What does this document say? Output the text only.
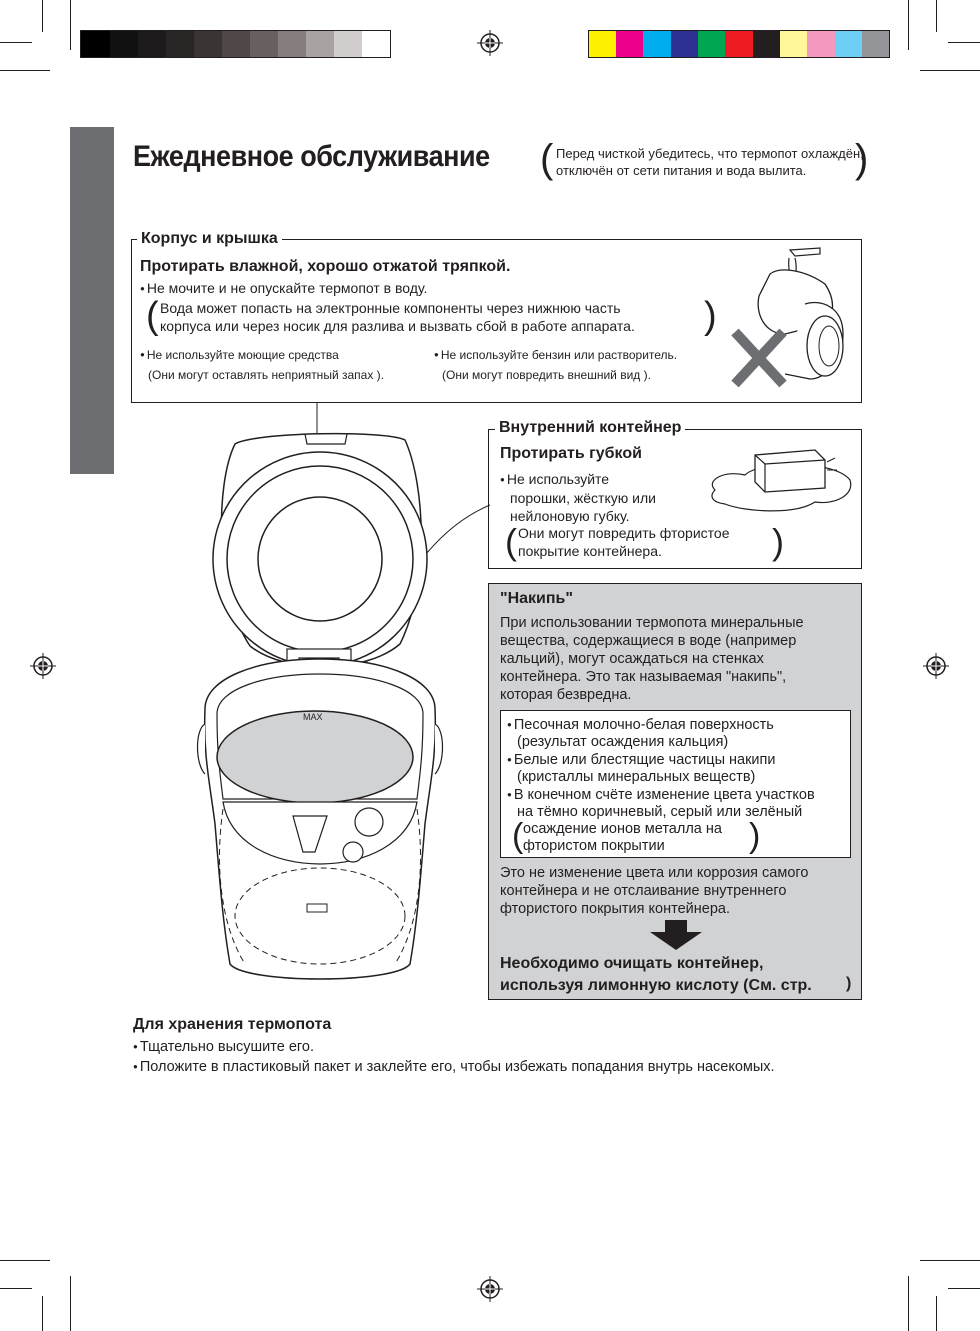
Ежедневное обслуживание ( Перед чисткой убедитесь, что термопот охлаждён,
отключён от сети питания и вода вылита.	)
Корпус и крышка
Протирать влажной, хорошо отжатой тряпкой.
● Не мочите и не опускайте термопот в воду.
( Вода может попасть на электронные компоненты через нижнюю часть
корпуса или через носик для разлива и вызвать сбой в работе аппарата. )
● Не используйте моющие средства
(Они могут оставлять неприятный запах ).
● Не используйте бензин или растворитель.
(Они могут повредить внешний вид ).
MAX
Внутренний контейнер
Протирать губкой
● Не используйте
порошки, жёсткую или
нейлоновую губку.
( Они могут повредить фтористое
покрытие контейнера.	)
"Накипь"
При использовании термопота минеральные
вещества, содержащиеся в воде (например
кальций), могут осаждаться на стенках
контейнера. Это так называемая "накипь",
которая безвредна.
● Песочная молочно-белая поверхность
(результат осаждения кальция)
● Белые или блестящие частицы накипи
(кристаллы минеральных веществ)
● В конечном счёте изменение цвета участков
на тёмно коричневый, серый или зелёный
осаждение ионов металла на
фтористом покрытии
(	)
Это не изменение цвета или коррозия самого
контейнера и не отслаивание внутреннего
фтористого покрытия контейнера.
Необходимо очищать контейнер,
используя лимонную кислоту (См. стр. )
Для хранения термопота
● Тщательно высушите его.
● Положите в пластиковый пакет и заклейте его, чтобы избежать попадания внутрь насекомых.
